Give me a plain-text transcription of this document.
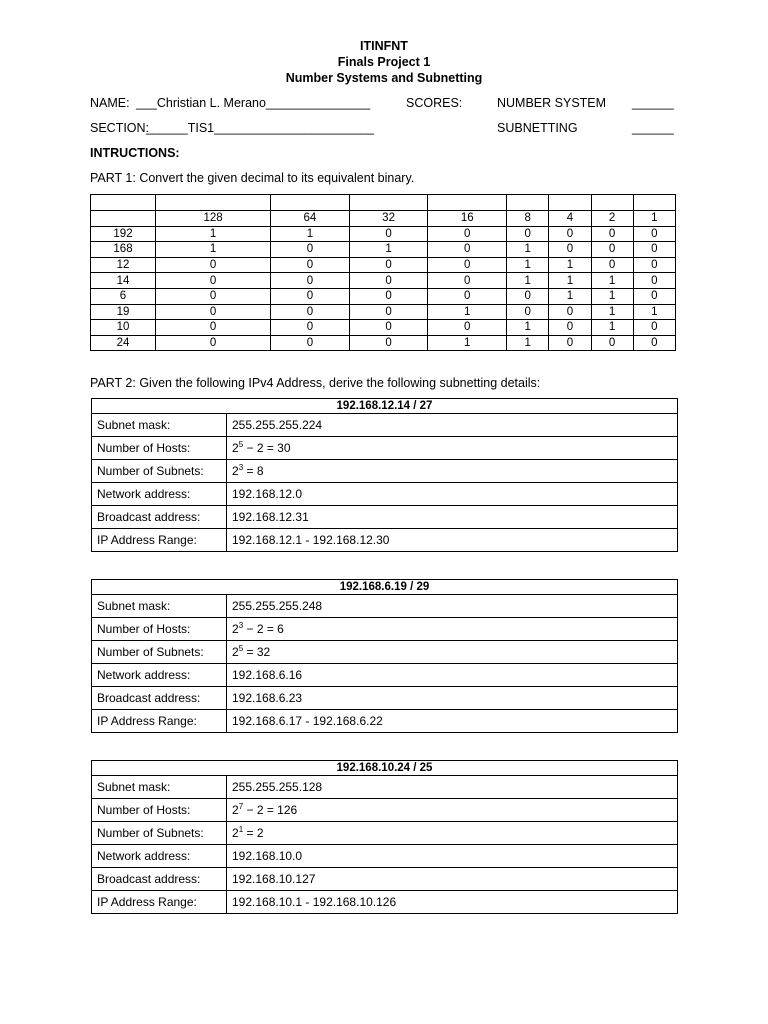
ITINFNT
Finals Project 1
Number Systems and Subnetting
NAME: ___Christian L. Merano_______________	SCORES:	NUMBER SYSTEM ______
SECTION:
______TIS1_______________________	SUBNETTING	______
INTRUCTIONS:
PART 1: Convert the given decimal to its equivalent binary.

	128	64	32	16	8	4	2	1
192	1	1	0	0	0	0	0	0
168	1	0	1	0	1	0	0	0
12	0	0	0	0	1	1	0	0
14	0	0	0	0	1	1	1	0
6	0	0	0	0	0	1	1	0
19	0	0	0	1	0	0	1	1
10	0	0	0	0	1	0	1	0
24	0	0	0	1	1	0	0	0
PART 2: Given the following IPv4 Address, derive the following subnetting details:
192.168.12.14 / 27	
Subnet mask:	255.255.255.224
Number of Hosts:	$2^5 - 2 = 30$
Number of Subnets:	$2^3 = 8$
Network address:	192.168.12.0
Broadcast address:	192.168.12.31
IP Address Range:	192.168.12.1 - 192.168.12.30
192.168.6.19 / 29	
Subnet mask:	255.255.255.248
Number of Hosts:	$2^3 - 2 = 6$
Number of Subnets:	$2^5 = 32$
Network address:	192.168.6.16
Broadcast address:	192.168.6.23
IP Address Range:	192.168.6.17 - 192.168.6.22
192.168.10.24 / 25	
Subnet mask:	255.255.255.128
Number of Hosts:	$2^7 - 2 = 126$
Number of Subnets:	$2^1 = 2$
Network address:	192.168.10.0
Broadcast address:	192.168.10.127
IP Address Range:	192.168.10.1 - 192.168.10.126
